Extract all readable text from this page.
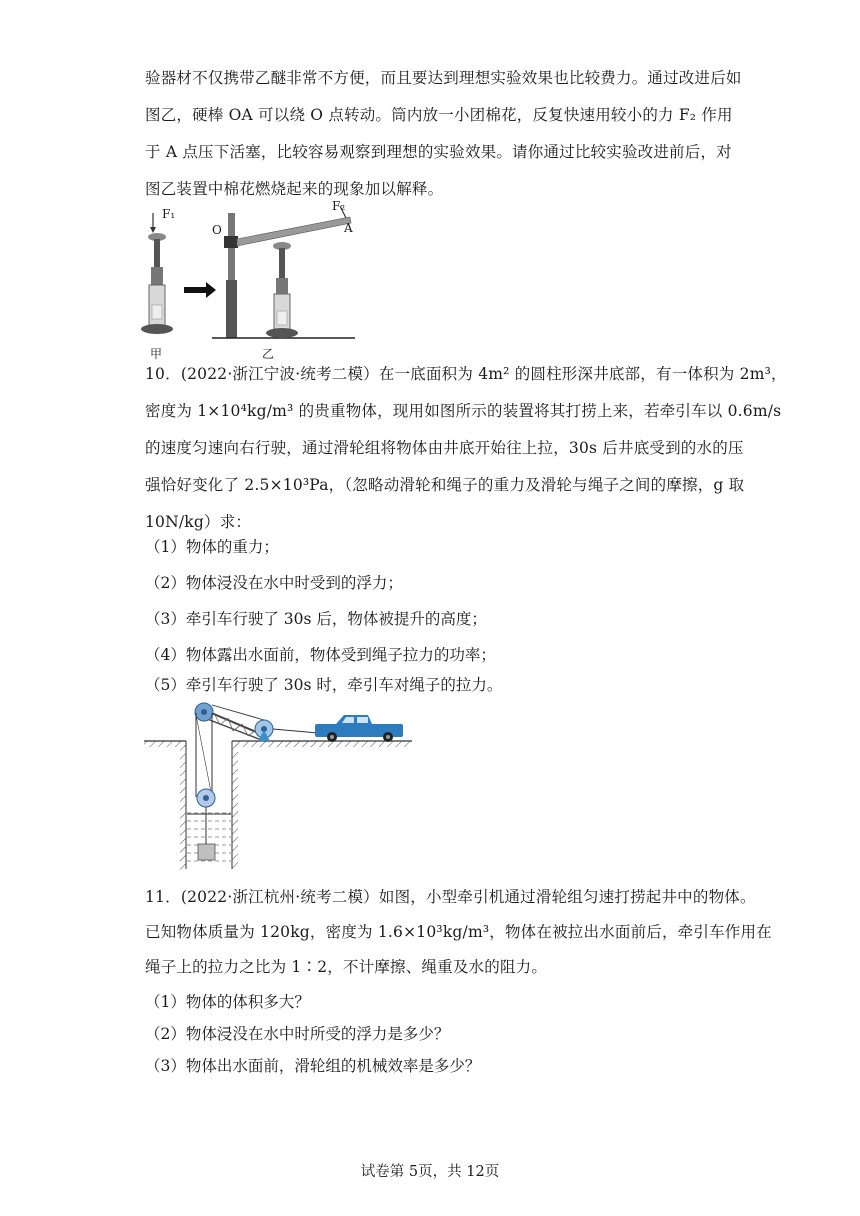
验器材不仅携带乙醚非常不方便，而且要达到理想实验效果也比较费力。通过改进后如
图乙，硬棒 OA 可以绕 O 点转动。筒内放一小团棉花，反复快速用较小的力 F₂ 作用
于 A 点压下活塞，比较容易观察到理想的实验效果。请你通过比较实验改进前后，对
图乙装置中棉花燃烧起来的现象加以解释。
F₁
F₂
O	A
甲	乙
10．(2022·浙江宁波·统考二模）在一底面积为 4m² 的圆柱形深井底部，有一体积为 2m³，
密度为 1×10⁴kg/m³ 的贵重物体，现用如图所示的装置将其打捞上来，若牵引车以 0.6m/s
的速度匀速向右行驶，通过滑轮组将物体由井底开始往上拉，30s 后井底受到的水的压
强恰好变化了 2.5×10³Pa，（忽略动滑轮和绳子的重力及滑轮与绳子之间的摩擦，g 取
10N/kg）求：
（1）物体的重力；
（2）物体浸没在水中时受到的浮力；
（3）牵引车行驶了 30s 后，物体被提升的高度；
（4）物体露出水面前，物体受到绳子拉力的功率；
（5）牵引车行驶了 30s 时，牵引车对绳子的拉力。
11．(2022·浙江杭州·统考二模）如图，小型牵引机通过滑轮组匀速打捞起井中的物体。
已知物体质量为 120kg，密度为 1.6×10³kg/m³，物体在被拉出水面前后，牵引车作用在
绳子上的拉力之比为 1∶2，不计摩擦、绳重及水的阻力。
（1）物体的体积多大？
（2）物体浸没在水中时所受的浮力是多少？
（3）物体出水面前，滑轮组的机械效率是多少？
试卷第 5页，共 12页
